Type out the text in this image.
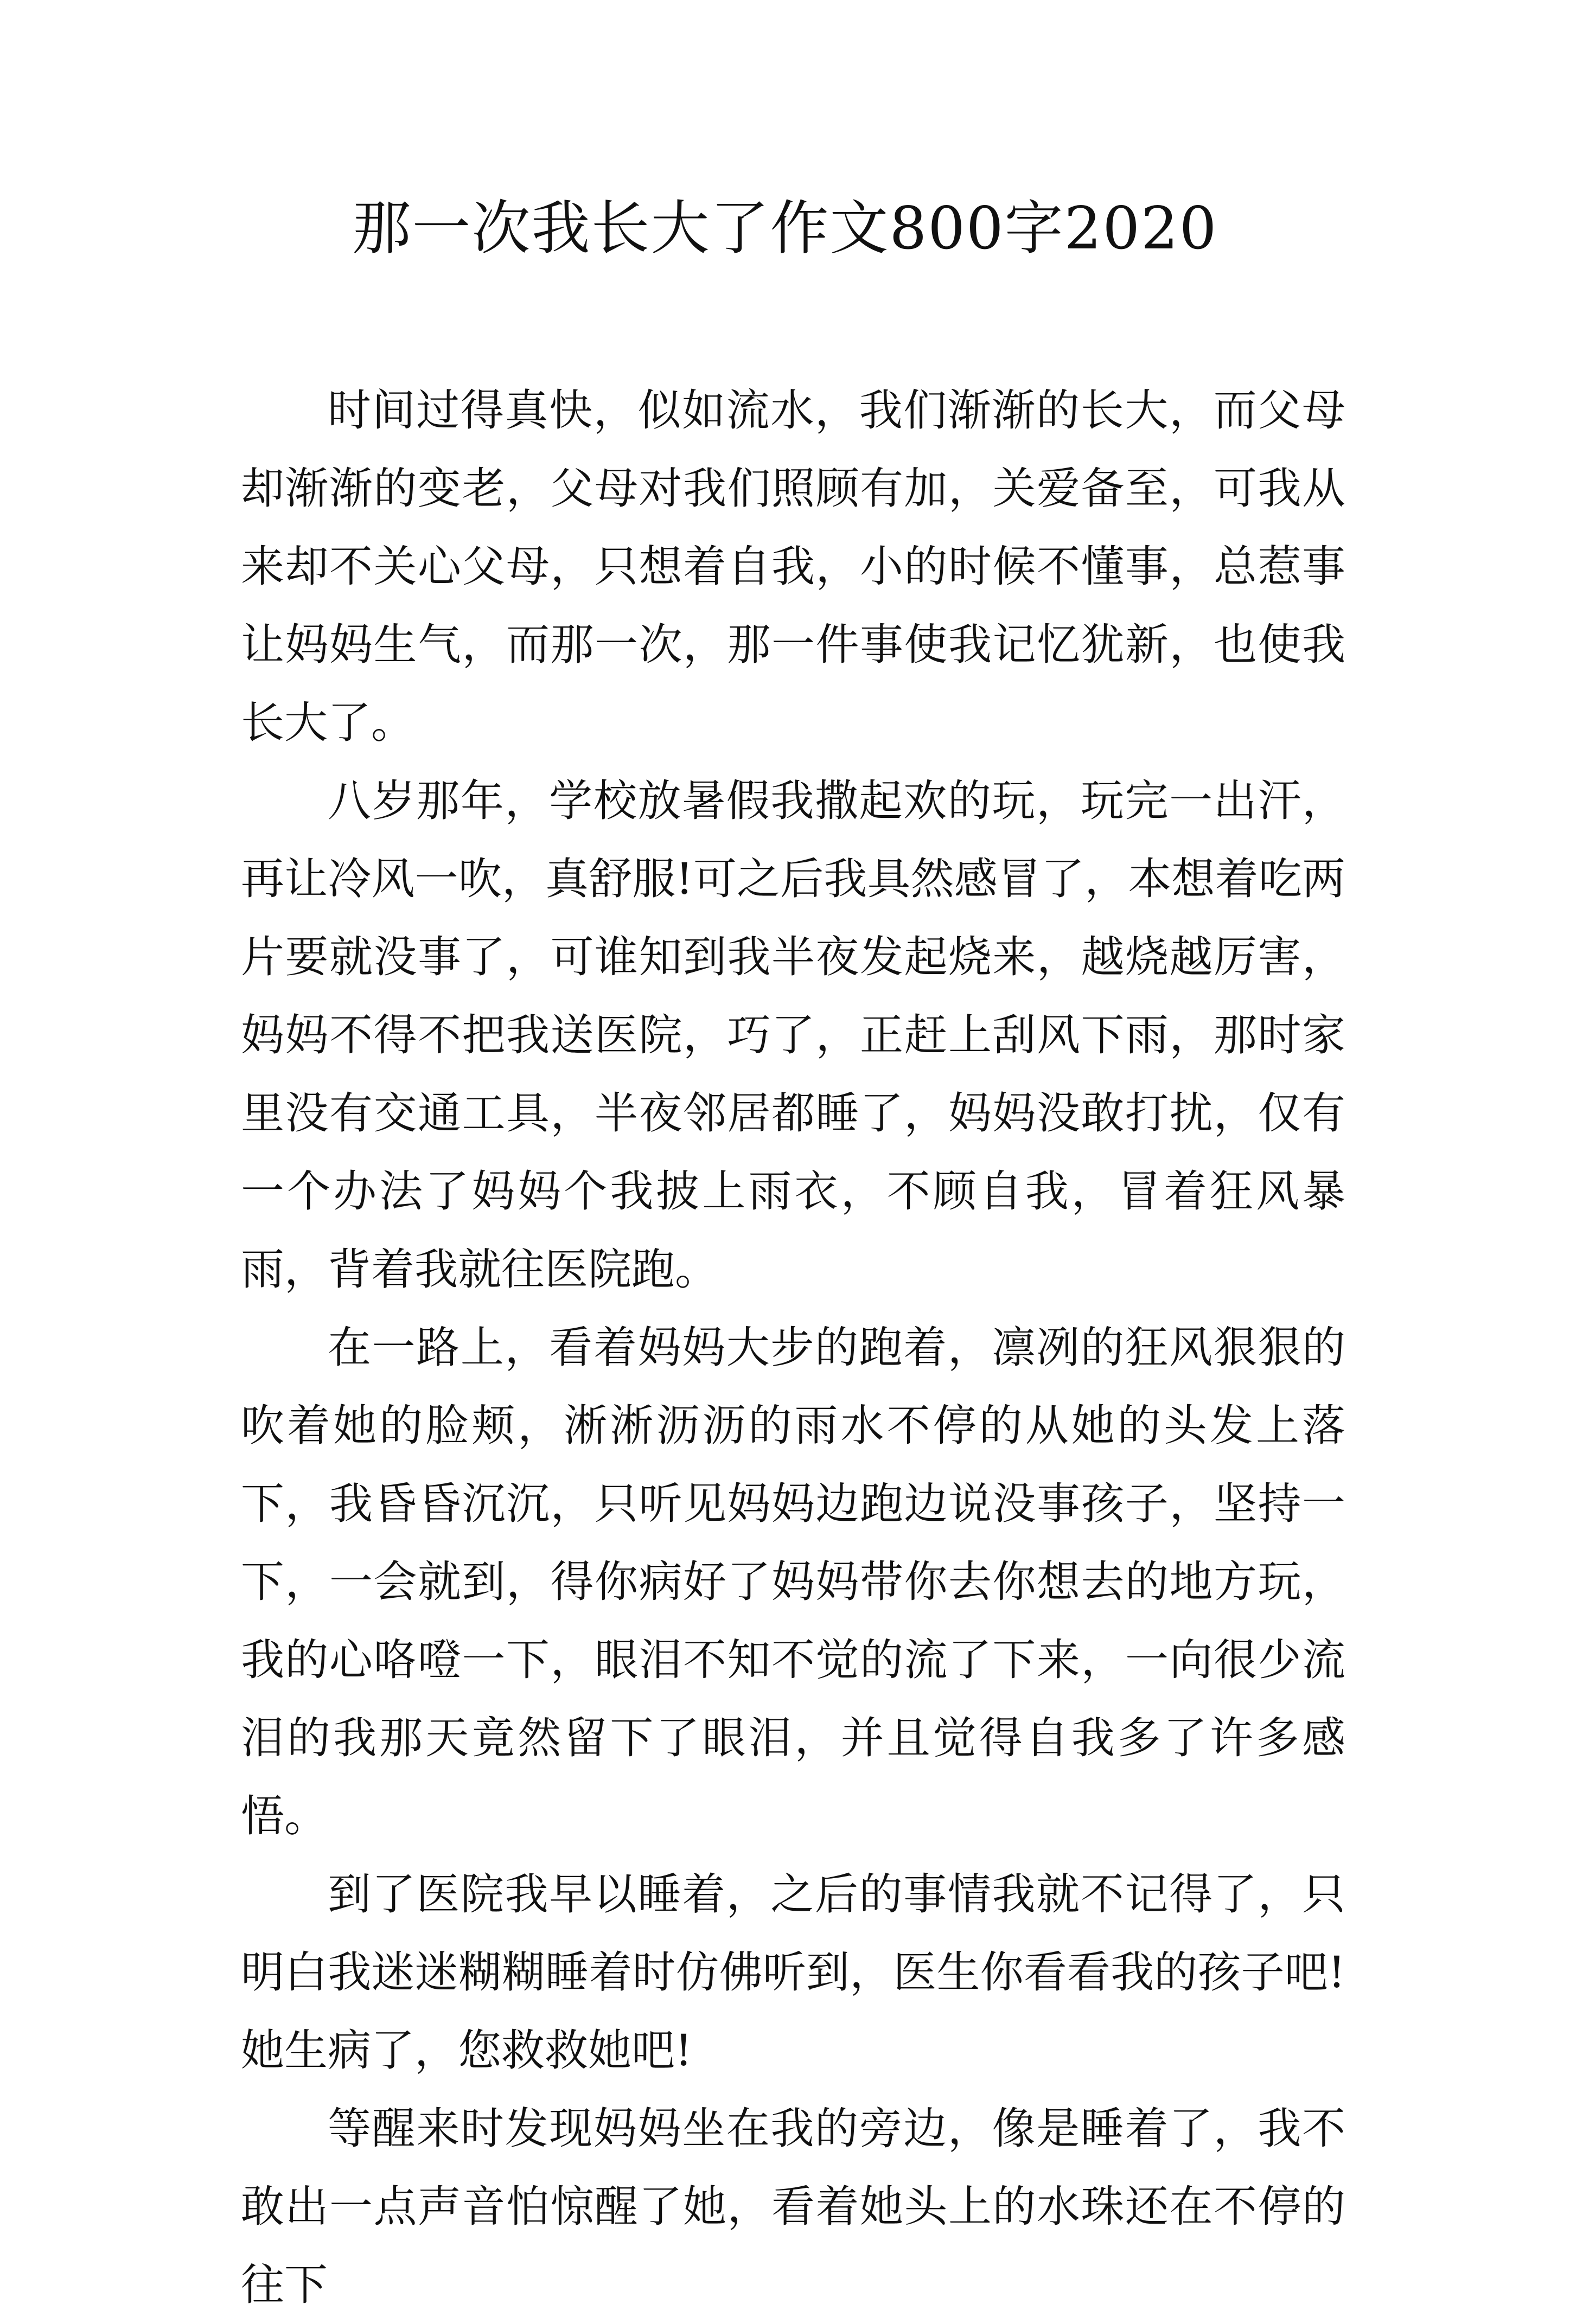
那一次我长大了作文800字2020

时间过得真快，似如流水，我们渐渐的长大，而父母却渐渐的变老，父母对我们照顾有加，关爱备至，可我从来却不关心父母，只想着自我，小的时候不懂事，总惹事让妈妈生气，而那一次，那一件事使我记忆犹新，也使我长大了。

八岁那年，学校放暑假我撒起欢的玩，玩完一出汗，再让冷风一吹，真舒服!可之后我具然感冒了，本想着吃两片要就没事了，可谁知到我半夜发起烧来，越烧越厉害，妈妈不得不把我送医院，巧了，正赶上刮风下雨，那时家里没有交通工具，半夜邻居都睡了，妈妈没敢打扰，仅有一个办法了妈妈个我披上雨衣，不顾自我，冒着狂风暴雨，背着我就往医院跑。

在一路上，看着妈妈大步的跑着，凛冽的狂风狠狠的吹着她的脸颊，淅淅沥沥的雨水不停的从她的头发上落下，我昏昏沉沉，只听见妈妈边跑边说没事孩子，坚持一下，一会就到，得你病好了妈妈带你去你想去的地方玩，我的心咯噔一下，眼泪不知不觉的流了下来，一向很少流泪的我那天竟然留下了眼泪，并且觉得自我多了许多感悟。

到了医院我早以睡着，之后的事情我就不记得了，只明白我迷迷糊糊睡着时仿佛听到，医生你看看我的孩子吧!她生病了，您救救她吧!

等醒来时发现妈妈坐在我的旁边，像是睡着了，我不敢出一点声音怕惊醒了她，看着她头上的水珠还在不停的往下
